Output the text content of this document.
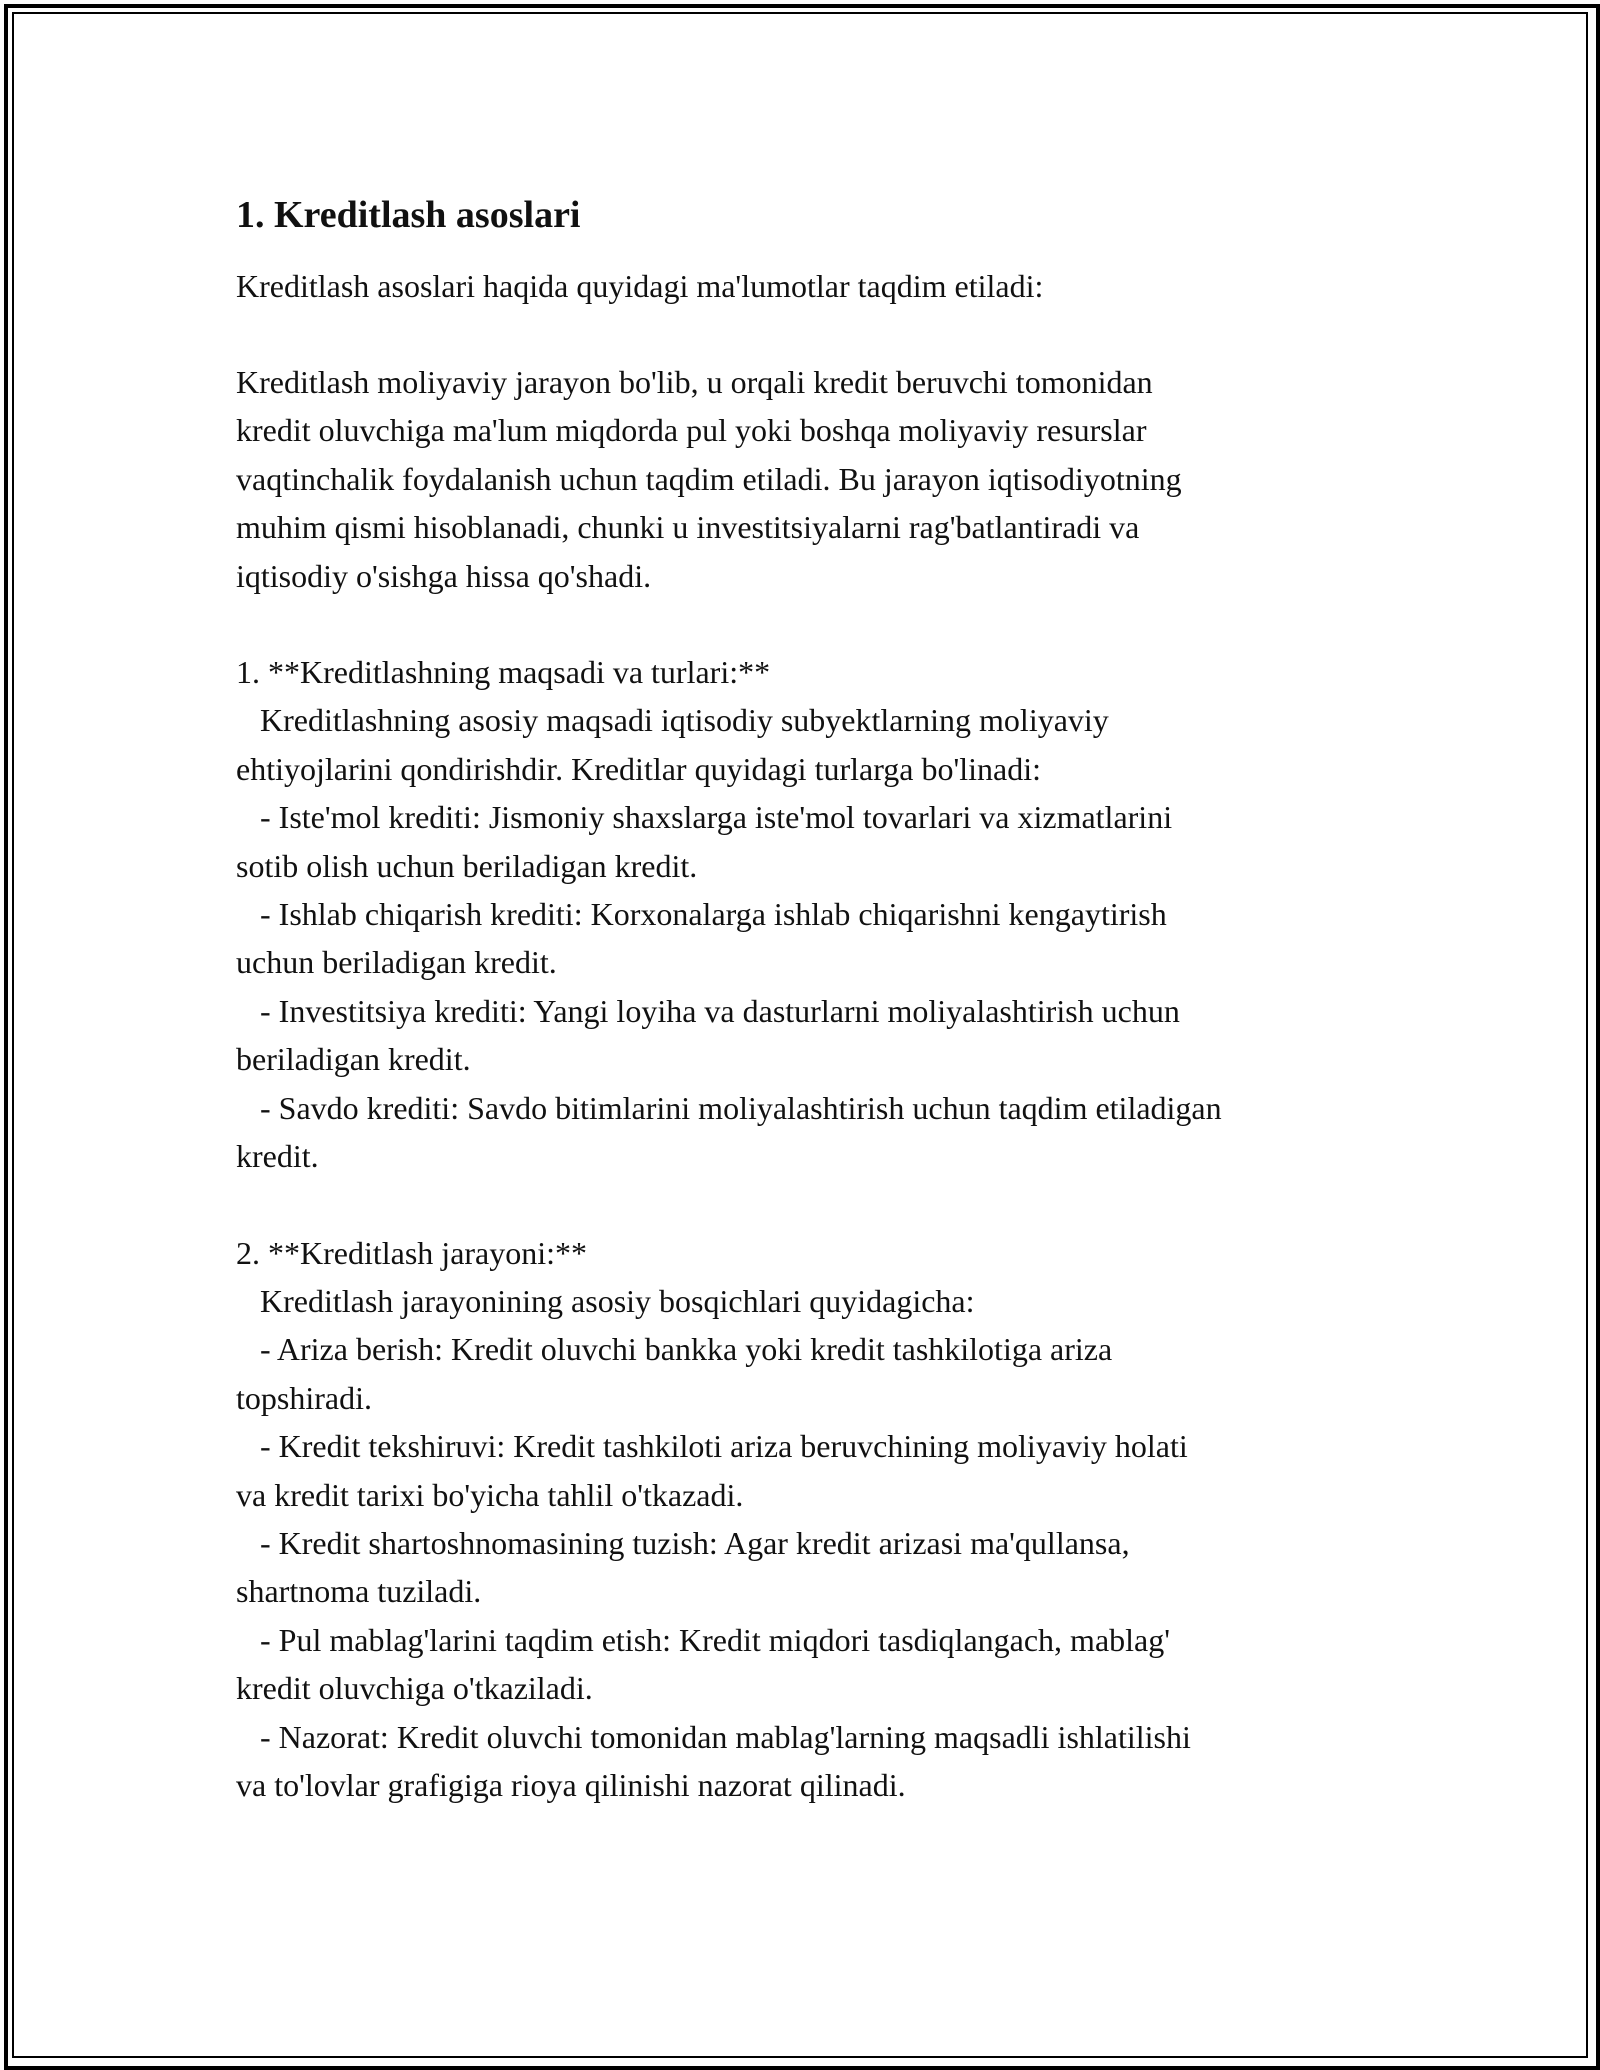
1. Kreditlash asoslari

Kreditlash asoslari haqida quyidagi ma'lumotlar taqdim etiladi:

Kreditlash moliyaviy jarayon bo'lib, u orqali kredit beruvchi tomonidan
kredit oluvchiga ma'lum miqdorda pul yoki boshqa moliyaviy resurslar
vaqtinchalik foydalanish uchun taqdim etiladi. Bu jarayon iqtisodiyotning
muhim qismi hisoblanadi, chunki u investitsiyalarni rag'batlantiradi va
iqtisodiy o'sishga hissa qo'shadi.

1. **Kreditlashning maqsadi va turlari:**
Kreditlashning asosiy maqsadi iqtisodiy subyektlarning moliyaviy
ehtiyojlarini qondirishdir. Kreditlar quyidagi turlarga bo'linadi:
- Iste'mol krediti: Jismoniy shaxslarga iste'mol tovarlari va xizmatlarini
sotib olish uchun beriladigan kredit.
- Ishlab chiqarish krediti: Korxonalarga ishlab chiqarishni kengaytirish
uchun beriladigan kredit.
- Investitsiya krediti: Yangi loyiha va dasturlarni moliyalashtirish uchun
beriladigan kredit.
- Savdo krediti: Savdo bitimlarini moliyalashtirish uchun taqdim etiladigan
kredit.

2. **Kreditlash jarayoni:**
Kreditlash jarayonining asosiy bosqichlari quyidagicha:
- Ariza berish: Kredit oluvchi bankka yoki kredit tashkilotiga ariza
topshiradi.
- Kredit tekshiruvi: Kredit tashkiloti ariza beruvchining moliyaviy holati
va kredit tarixi bo'yicha tahlil o'tkazadi.
- Kredit shartoshnomasining tuzish: Agar kredit arizasi ma'qullansa,
shartnoma tuziladi.
- Pul mablag'larini taqdim etish: Kredit miqdori tasdiqlangach, mablag'
kredit oluvchiga o'tkaziladi.
- Nazorat: Kredit oluvchi tomonidan mablag'larning maqsadli ishlatilishi
va to'lovlar grafigiga rioya qilinishi nazorat qilinadi.
